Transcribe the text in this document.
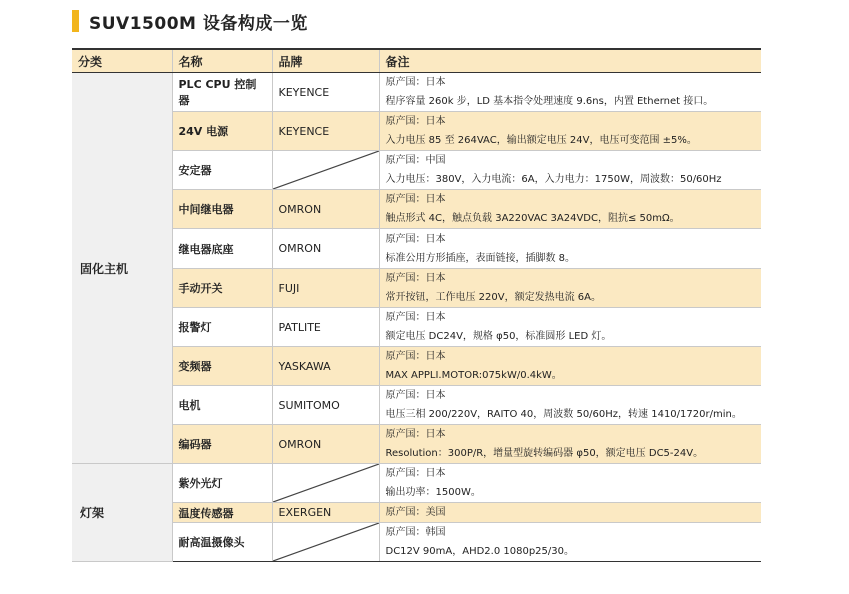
SUV1500M 设备构成一览
分类	名称	品牌	备注
固化主机	PLC CPU 控制器	KEYENCE	原产国：日本
程序容量 260k 步，LD 基本指令处理速度 9.6ns，内置 Ethernet 接口。

	24V 电源	KEYENCE	原产国：日本
入力电压 85 至 264VAC，输出额定电压 24V，电压可变范围 ±5%。

	安定器		原产国：中国
入力电压：380V，入力电流：6A，入力电力：1750W，周波数：50/60Hz

	中间继电器	OMRON	原产国：日本
触点形式 4C，触点负载 3A220VAC 3A24VDC，阻抗≤ 50mΩ。

	继电器底座	OMRON	原产国：日本
标准公用方形插座，表面链接，插脚数 8。

	手动开关	FUJI	原产国：日本
常开按钮，工作电压 220V，额定发热电流 6A。

	报警灯	PATLITE	原产国：日本
额定电压 DC24V，规格 φ50，标准圆形 LED 灯。

	变频器	YASKAWA	原产国：日本
MAX APPLI.MOTOR:075kW/0.4kW。

	电机	SUMITOMO	原产国：日本
电压三相 200/220V，RAITO 40，周波数 50/60Hz，转速 1410/1720r/min。

	编码器	OMRON	原产国：日本
Resolution：300P/R，增量型旋转编码器 φ50，额定电压 DC5-24V。

灯架	紫外光灯		原产国：日本
输出功率：1500W。

	温度传感器	EXERGEN	原产国：美国

	耐高温摄像头		原产国：韩国
DC12V 90mA，AHD2.0 1080p25/30。
